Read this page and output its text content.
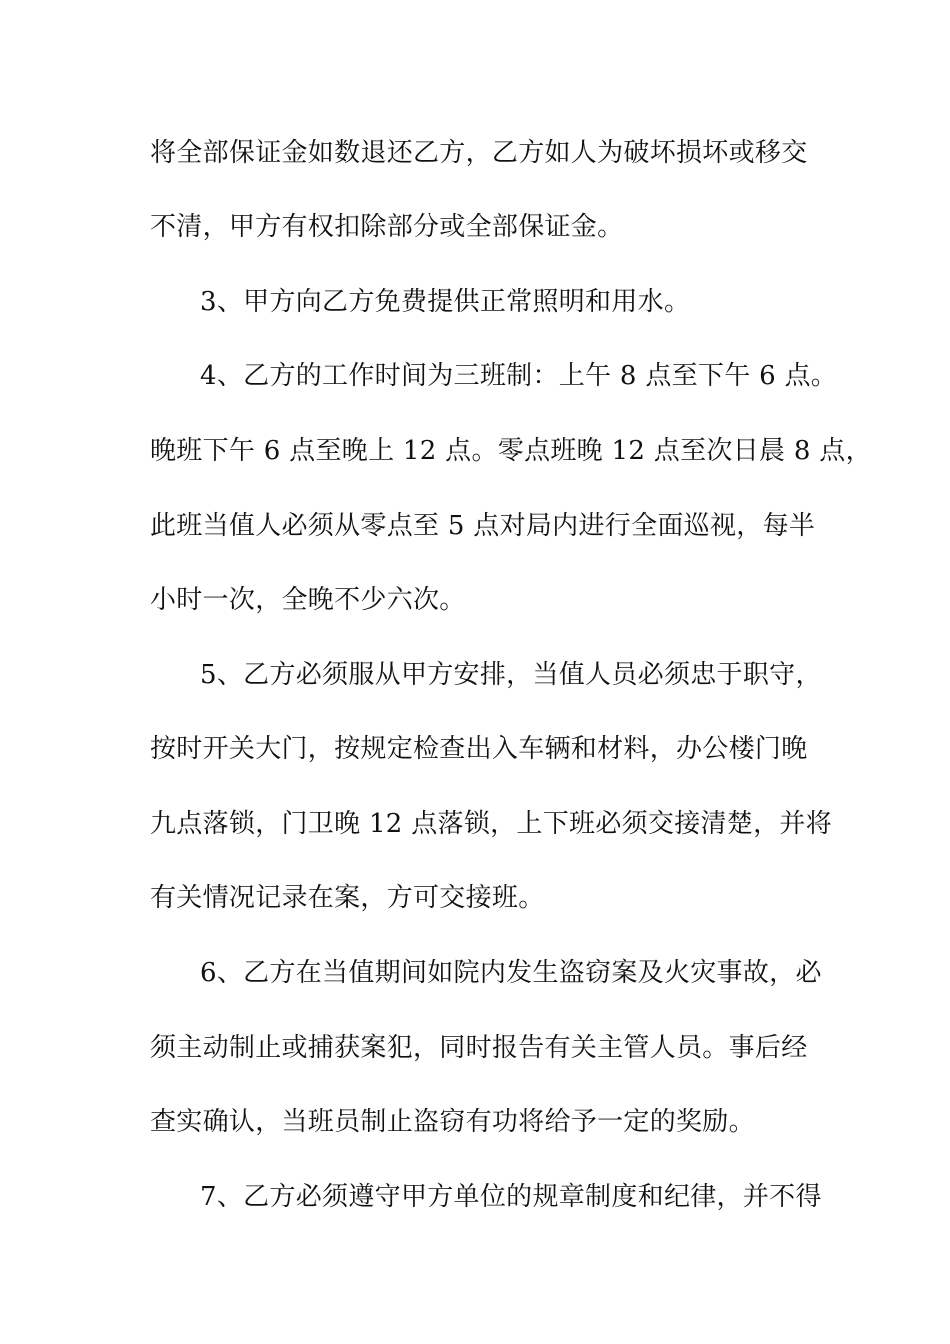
将全部保证金如数退还乙方，乙方如人为破坏损坏或移交
不清，甲方有权扣除部分或全部保证金。
3、甲方向乙方免费提供正常照明和用水。
4、乙方的工作时间为三班制：上午 8 点至下午 6 点。
晚班下午 6 点至晚上 12 点。零点班晚 12 点至次日晨 8 点，
此班当值人必须从零点至 5 点对局内进行全面巡视，每半
小时一次，全晚不少六次。
5、乙方必须服从甲方安排，当值人员必须忠于职守，
按时开关大门，按规定检查出入车辆和材料，办公楼门晚
九点落锁，门卫晚 12 点落锁，上下班必须交接清楚，并将
有关情况记录在案，方可交接班。
6、乙方在当值期间如院内发生盗窃案及火灾事故，必
须主动制止或捕获案犯，同时报告有关主管人员。事后经
查实确认，当班员制止盗窃有功将给予一定的奖励。
7、乙方必须遵守甲方单位的规章制度和纪律，并不得
